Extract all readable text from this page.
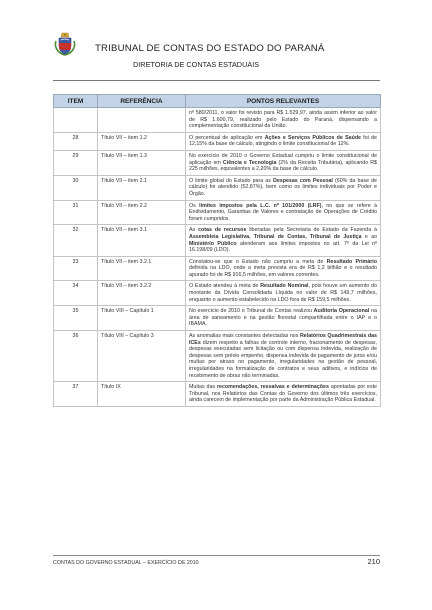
TRIBUNAL DE CONTAS DO ESTADO DO PARANÁ
DIRETORIA DE CONTAS ESTADUAIS
ITEM	REFERÊNCIA	PONTOS RELEVANTES
		nº 580/2011, o valor foi revisto para R$ 1.529,97, ainda assim inferior ao valor de R$ 1.600,79, realizado pelo Estado do Paraná, dispensando a complementação constitucional da União.
28	Título VII – item 1.2	O percentual de aplicação em Ações e Serviços Públicos de Saúde foi de 12,15% da base de cálculo, atingindo o limite constitucional de 12%.
29	Título VII – item 1.3	No exercício de 2010 o Governo Estadual cumpriu o limite constitucional de aplicação em Ciência e Tecnologia (2% da Receita Tributária), aplicando R$ 225 milhões, equivalentes a 2,20% da base de cálculo.
30	Título VII – item 2.1	O limite global do Estado para as Despesas com Pessoal (60% da base de cálculo) foi atendido (52,87%), bem como os limites individuais por Poder e Órgão.
31	Título VII – item 2.2	Os limites impostos pela L.C. nº 101/2000 (LRF), no que se refere à Endividamento, Garantias de Valores e contratação de Operações de Crédito foram cumpridos.
32	Título VII – item 3.1	As cotas de recursos liberadas pela Secretaria de Estado da Fazenda à Assembleia Legislativa, Tribunal de Contas, Tribunal de Justiça e ao Ministério Público atenderam aos limites impostos no art. 7º da Lei nº 16.198/09 (LDO).
33	Título VII – item 3.2.1	Constatou-se que o Estado não cumpriu a meta de Resultado Primário definida na LDO, onde a meta prevista era de R$ 1,2 bilhão e o resultado apurado foi de R$ 916,5 milhões, em valores correntes.
34	Título VII – item 3.2.2	O Estado atendeu à meta de Resultado Nominal, pois houve um aumento do montante da Dívida Consolidada Líquida no valor de R$ 149,7 milhões, enquanto o aumento estabelecido na LDO fora de R$ 159,5 milhões.
35	Título VIII – Capítulo 1	No exercício de 2010 o Tribunal de Contas realizou Auditoria Operacional na área de saneamento e na gestão florestal compartilhada entre o IAP e o IBAMA.
36	Título VIII – Capítulo 3	As anomalias mais constantes detectadas nos Relatórios Quadrimestrais das ICEs dizem respeito a falhas de controle interno, fracionamento de despesas, despesas executadas sem licitação ou com dispensa indevida, realização de despesas sem prévio empenho, dispensa indevida de pagamento de juros e/ou multas por atraso no pagamento, irregularidades na gestão de pessoal, irregularidades na formalização de contratos e seus aditivos, e indícios de recebimento de obras não terminadas.
37	Título IX	Muitas das recomendações, ressalvas e determinações apontadas por este Tribunal, nos Relatórios das Contas do Governo dos últimos três exercícios, ainda carecem de implementação por parte da Administração Pública Estadual.
CONTAS DO GOVERNO ESTADUAL – EXERCÍCIO DE 2010	210
